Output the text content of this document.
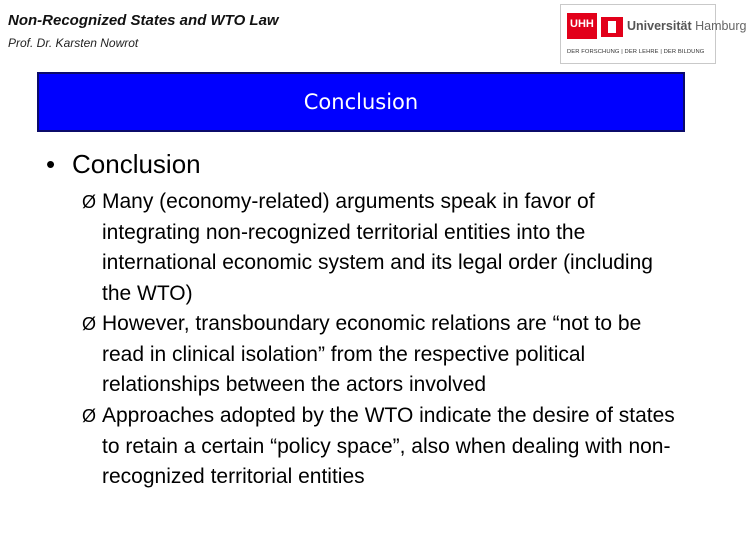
Non-Recognized States and WTO Law
Prof. Dr. Karsten Nowrot
UHH	Universität Hamburg
DER FORSCHUNG | DER LEHRE | DER BILDUNG
Conclusion
• Conclusion
Ø Many (economy-related) arguments speak in favor of integrating non-recognized territorial entities into the international economic system and its legal order (including the WTO)
Ø However, transboundary economic relations are “not to be read in clinical isolation” from the respective political relationships between the actors involved
Ø Approaches adopted by the WTO indicate the desire of states to retain a certain “policy space”, also when dealing with non-recognized territorial entities
